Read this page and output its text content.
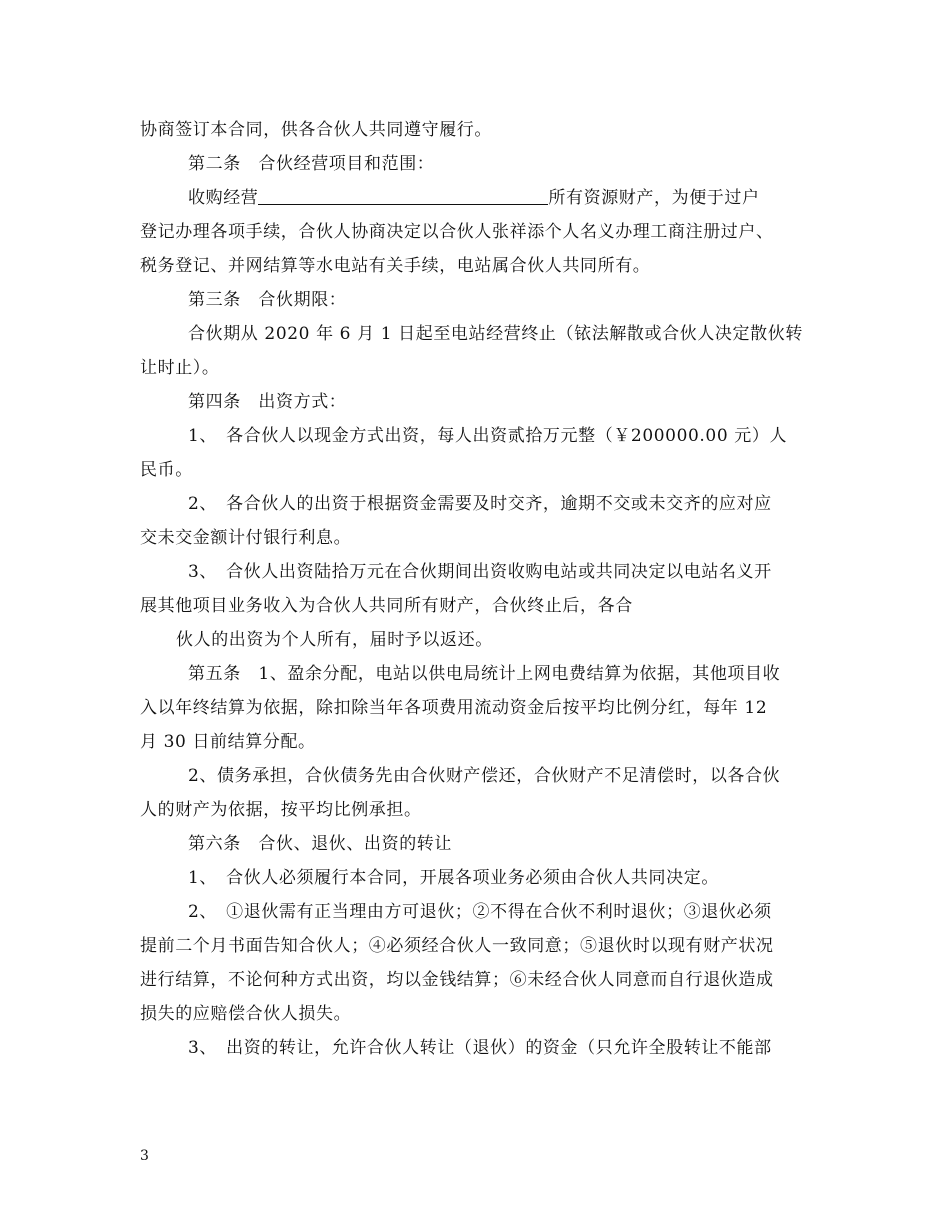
协商签订本合同，供各合伙人共同遵守履行。
第二条　合伙经营项目和范围：
收购经营	所有资源财产，为便于过户
登记办理各项手续，合伙人协商决定以合伙人张祥添个人名义办理工商注册过户、
税务登记、并网结算等水电站有关手续，电站属合伙人共同所有。
第三条　合伙期限：
合伙期从 2020 年 6 月 1 日起至电站经营终止（铱法解散或合伙人决定散伙转
让时止）。
第四条　出资方式：
1、　各合伙人以现金方式出资，每人出资贰拾万元整（￥200000.00 元）人
民币。
2、　各合伙人的出资于根据资金需要及时交齐，逾期不交或未交齐的应对应
交未交金额计付银行利息。
3、　合伙人出资陆拾万元在合伙期间出资收购电站或共同决定以电站名义开
展其他项目业务收入为合伙人共同所有财产，合伙终止后，各合
伙人的出资为个人所有，届时予以返还。
第五条　1、盈余分配，电站以供电局统计上网电费结算为依据，其他项目收
入以年终结算为依据，除扣除当年各项费用流动资金后按平均比例分红，每年 12
月 30 日前结算分配。
2、债务承担，合伙债务先由合伙财产偿还，合伙财产不足清偿时，以各合伙
人的财产为依据，按平均比例承担。
第六条　合伙、退伙、出资的转让
1、　合伙人必须履行本合同，开展各项业务必须由合伙人共同决定。
2、　①退伙需有正当理由方可退伙；②不得在合伙不利时退伙；③退伙必须
提前二个月书面告知合伙人；④必须经合伙人一致同意；⑤退伙时以现有财产状况
进行结算，不论何种方式出资，均以金钱结算；⑥未经合伙人同意而自行退伙造成
损失的应赔偿合伙人损失。
3、　出资的转让，允许合伙人转让（退伙）的资金（只允许全股转让不能部
3
